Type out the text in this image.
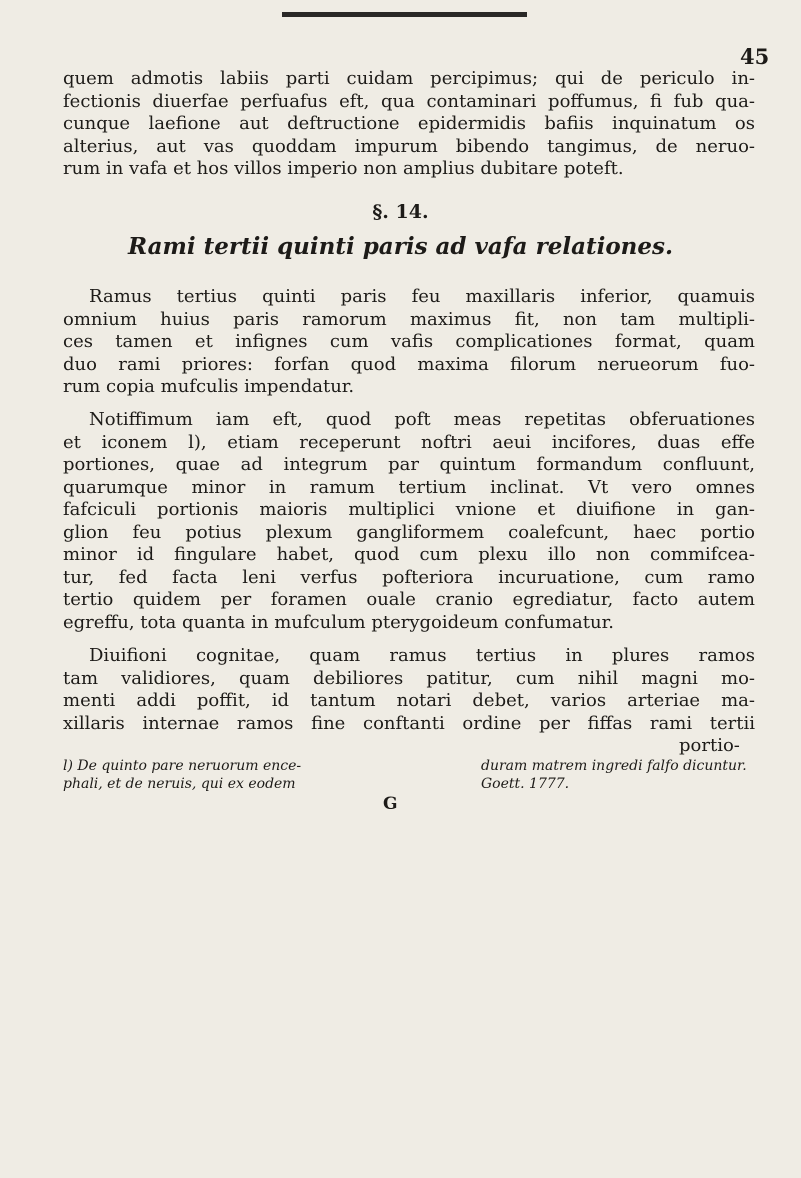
45
quem admotis labiis parti cuidam percipimus; qui de periculo in-
fectionis diuerfae perfuafus eft, qua contaminari poffumus, fi fub qua-
cunque laefione aut deftructione epidermidis bafiis inquinatum os
alterius, aut vas quoddam impurum bibendo tangimus, de neruo-
rum in vafa et hos villos imperio non amplius dubitare poteft.
§. 14.
Rami tertii quinti paris ad vafa relationes.
Ramus tertius quinti paris feu maxillaris inferior, quamuis
omnium huius paris ramorum maximus fit, non tam multipli-
ces tamen et infignes cum vafis complicationes format, quam
duo rami priores: forfan quod maxima filorum nerueorum fuo-
rum copia mufculis impendatur.
Notiffimum iam eft, quod poft meas repetitas obferuationes
et iconem l), etiam receperunt noftri aeui incifores, duas effe
portiones, quae ad integrum par quintum formandum confluunt,
quarumque minor in ramum tertium inclinat. Vt vero omnes
fafciculi portionis maioris multiplici vnione et diuifione in gan-
glion feu potius plexum gangliformem coalefcunt, haec portio
minor id fingulare habet, quod cum plexu illo non commifcea-
tur, fed facta leni verfus pofteriora incuruatione, cum ramo
tertio quidem per foramen ouale cranio egrediatur, facto autem
egreffu, tota quanta in mufculum pterygoideum confumatur.
Diuifioni cognitae, quam ramus tertius in plures ramos
tam validiores, quam debiliores patitur, cum nihil magni mo-
menti addi poffit, id tantum notari debet, varios arteriae ma-
xillaris internae ramos fine conftanti ordine per fiffas rami tertii
portio-
l) De quinto pare neruorum ence-
phali, et de neruis, qui ex eodem
duram matrem ingredi falfo dicuntur.
Goett. 1777.
G
